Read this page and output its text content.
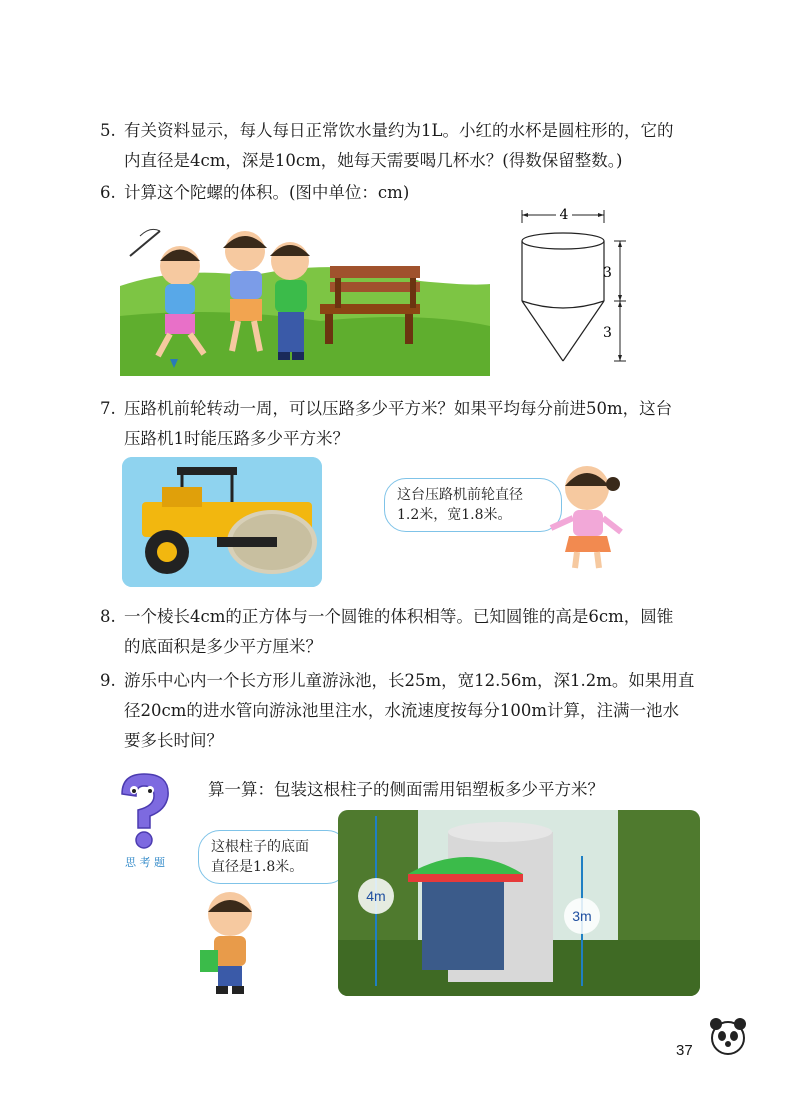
5. 有关资料显示，每人每日正常饮水量约为1L。小红的水杯是圆柱形的，它的
内直径是4cm，深是10cm，她每天需要喝几杯水？(得数保留整数。)
6. 计算这个陀螺的体积。(图中单位：cm)
4
3
3
7. 压路机前轮转动一周，可以压路多少平方米？如果平均每分前进50m，这台
压路机1时能压路多少平方米？
这台压路机前轮直径
1.2米，宽1.8米。
8. 一个棱长4cm的正方体与一个圆锥的体积相等。已知圆锥的高是6cm，圆锥
的底面积是多少平方厘米？
9. 游乐中心内一个长方形儿童游泳池，长25m，宽12.56m，深1.2m。如果用直
径20cm的进水管向游泳池里注水，水流速度按每分100m计算，注满一池水
要多长时间？
思 考 题
算一算：包装这根柱子的侧面需用铝塑板多少平方米？
这根柱子的底面
直径是1.8米。
4m
3m
37
